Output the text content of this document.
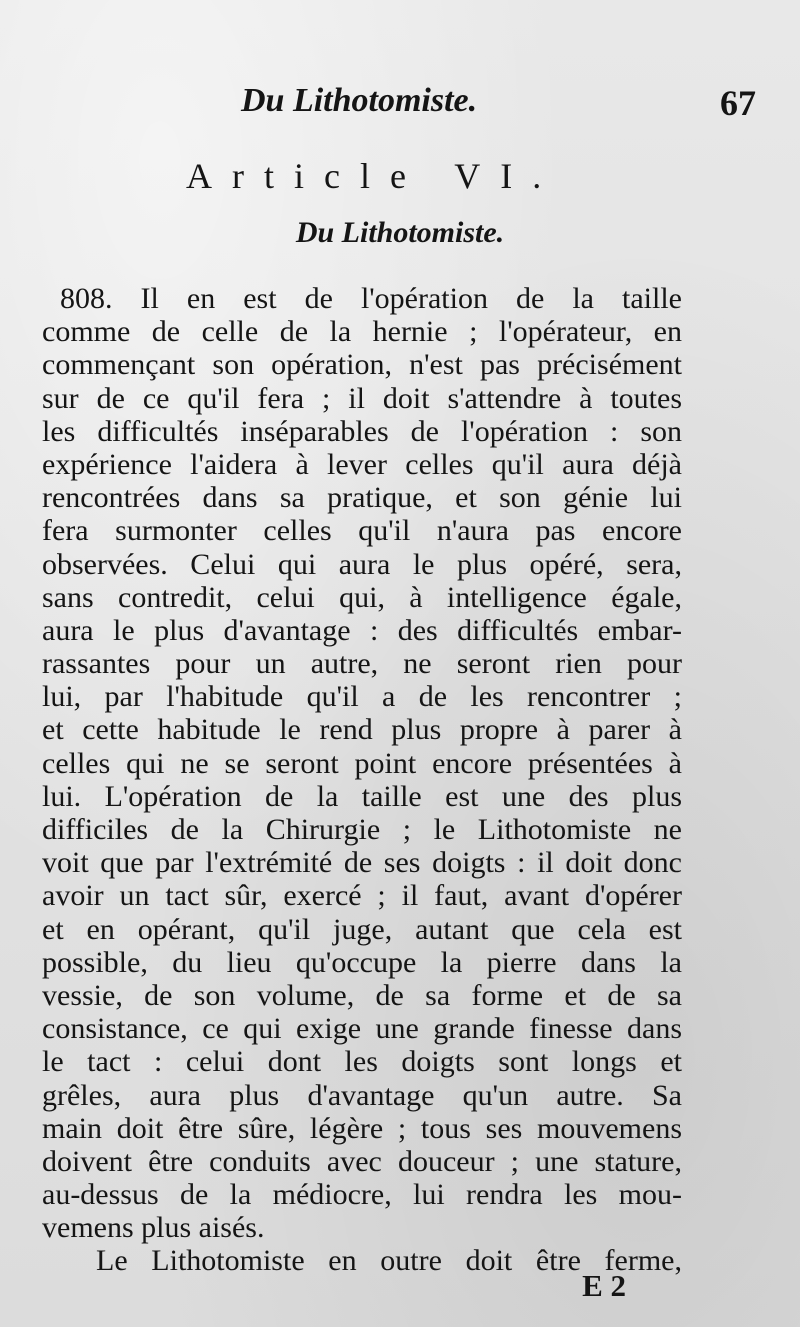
Du Lithotomiste.	67
Article VI.
Du Lithotomiste.
808. Il en est de l'opération de la taille
comme de celle de la hernie ; l'opérateur, en
commençant son opération, n'est pas précisément
sur de ce qu'il fera ; il doit s'attendre à toutes
les difficultés inséparables de l'opération : son
expérience l'aidera à lever celles qu'il aura déjà
rencontrées dans sa pratique, et son génie lui
fera surmonter celles qu'il n'aura pas encore
observées. Celui qui aura le plus opéré, sera,
sans contredit, celui qui, à intelligence égale,
aura le plus d'avantage : des difficultés embar-
rassantes pour un autre, ne seront rien pour
lui, par l'habitude qu'il a de les rencontrer ;
et cette habitude le rend plus propre à parer à
celles qui ne se seront point encore présentées à
lui. L'opération de la taille est une des plus
difficiles de la Chirurgie ; le Lithotomiste ne
voit que par l'extrémité de ses doigts : il doit donc
avoir un tact sûr, exercé ; il faut, avant d'opérer
et en opérant, qu'il juge, autant que cela est
possible, du lieu qu'occupe la pierre dans la
vessie, de son volume, de sa forme et de sa
consistance, ce qui exige une grande finesse dans
le tact : celui dont les doigts sont longs et
grêles, aura plus d'avantage qu'un autre. Sa
main doit être sûre, légère ; tous ses mouvemens
doivent être conduits avec douceur ; une stature,
au-dessus de la médiocre, lui rendra les mou-
vemens plus aisés.
Le Lithotomiste en outre doit être ferme,
E 2
